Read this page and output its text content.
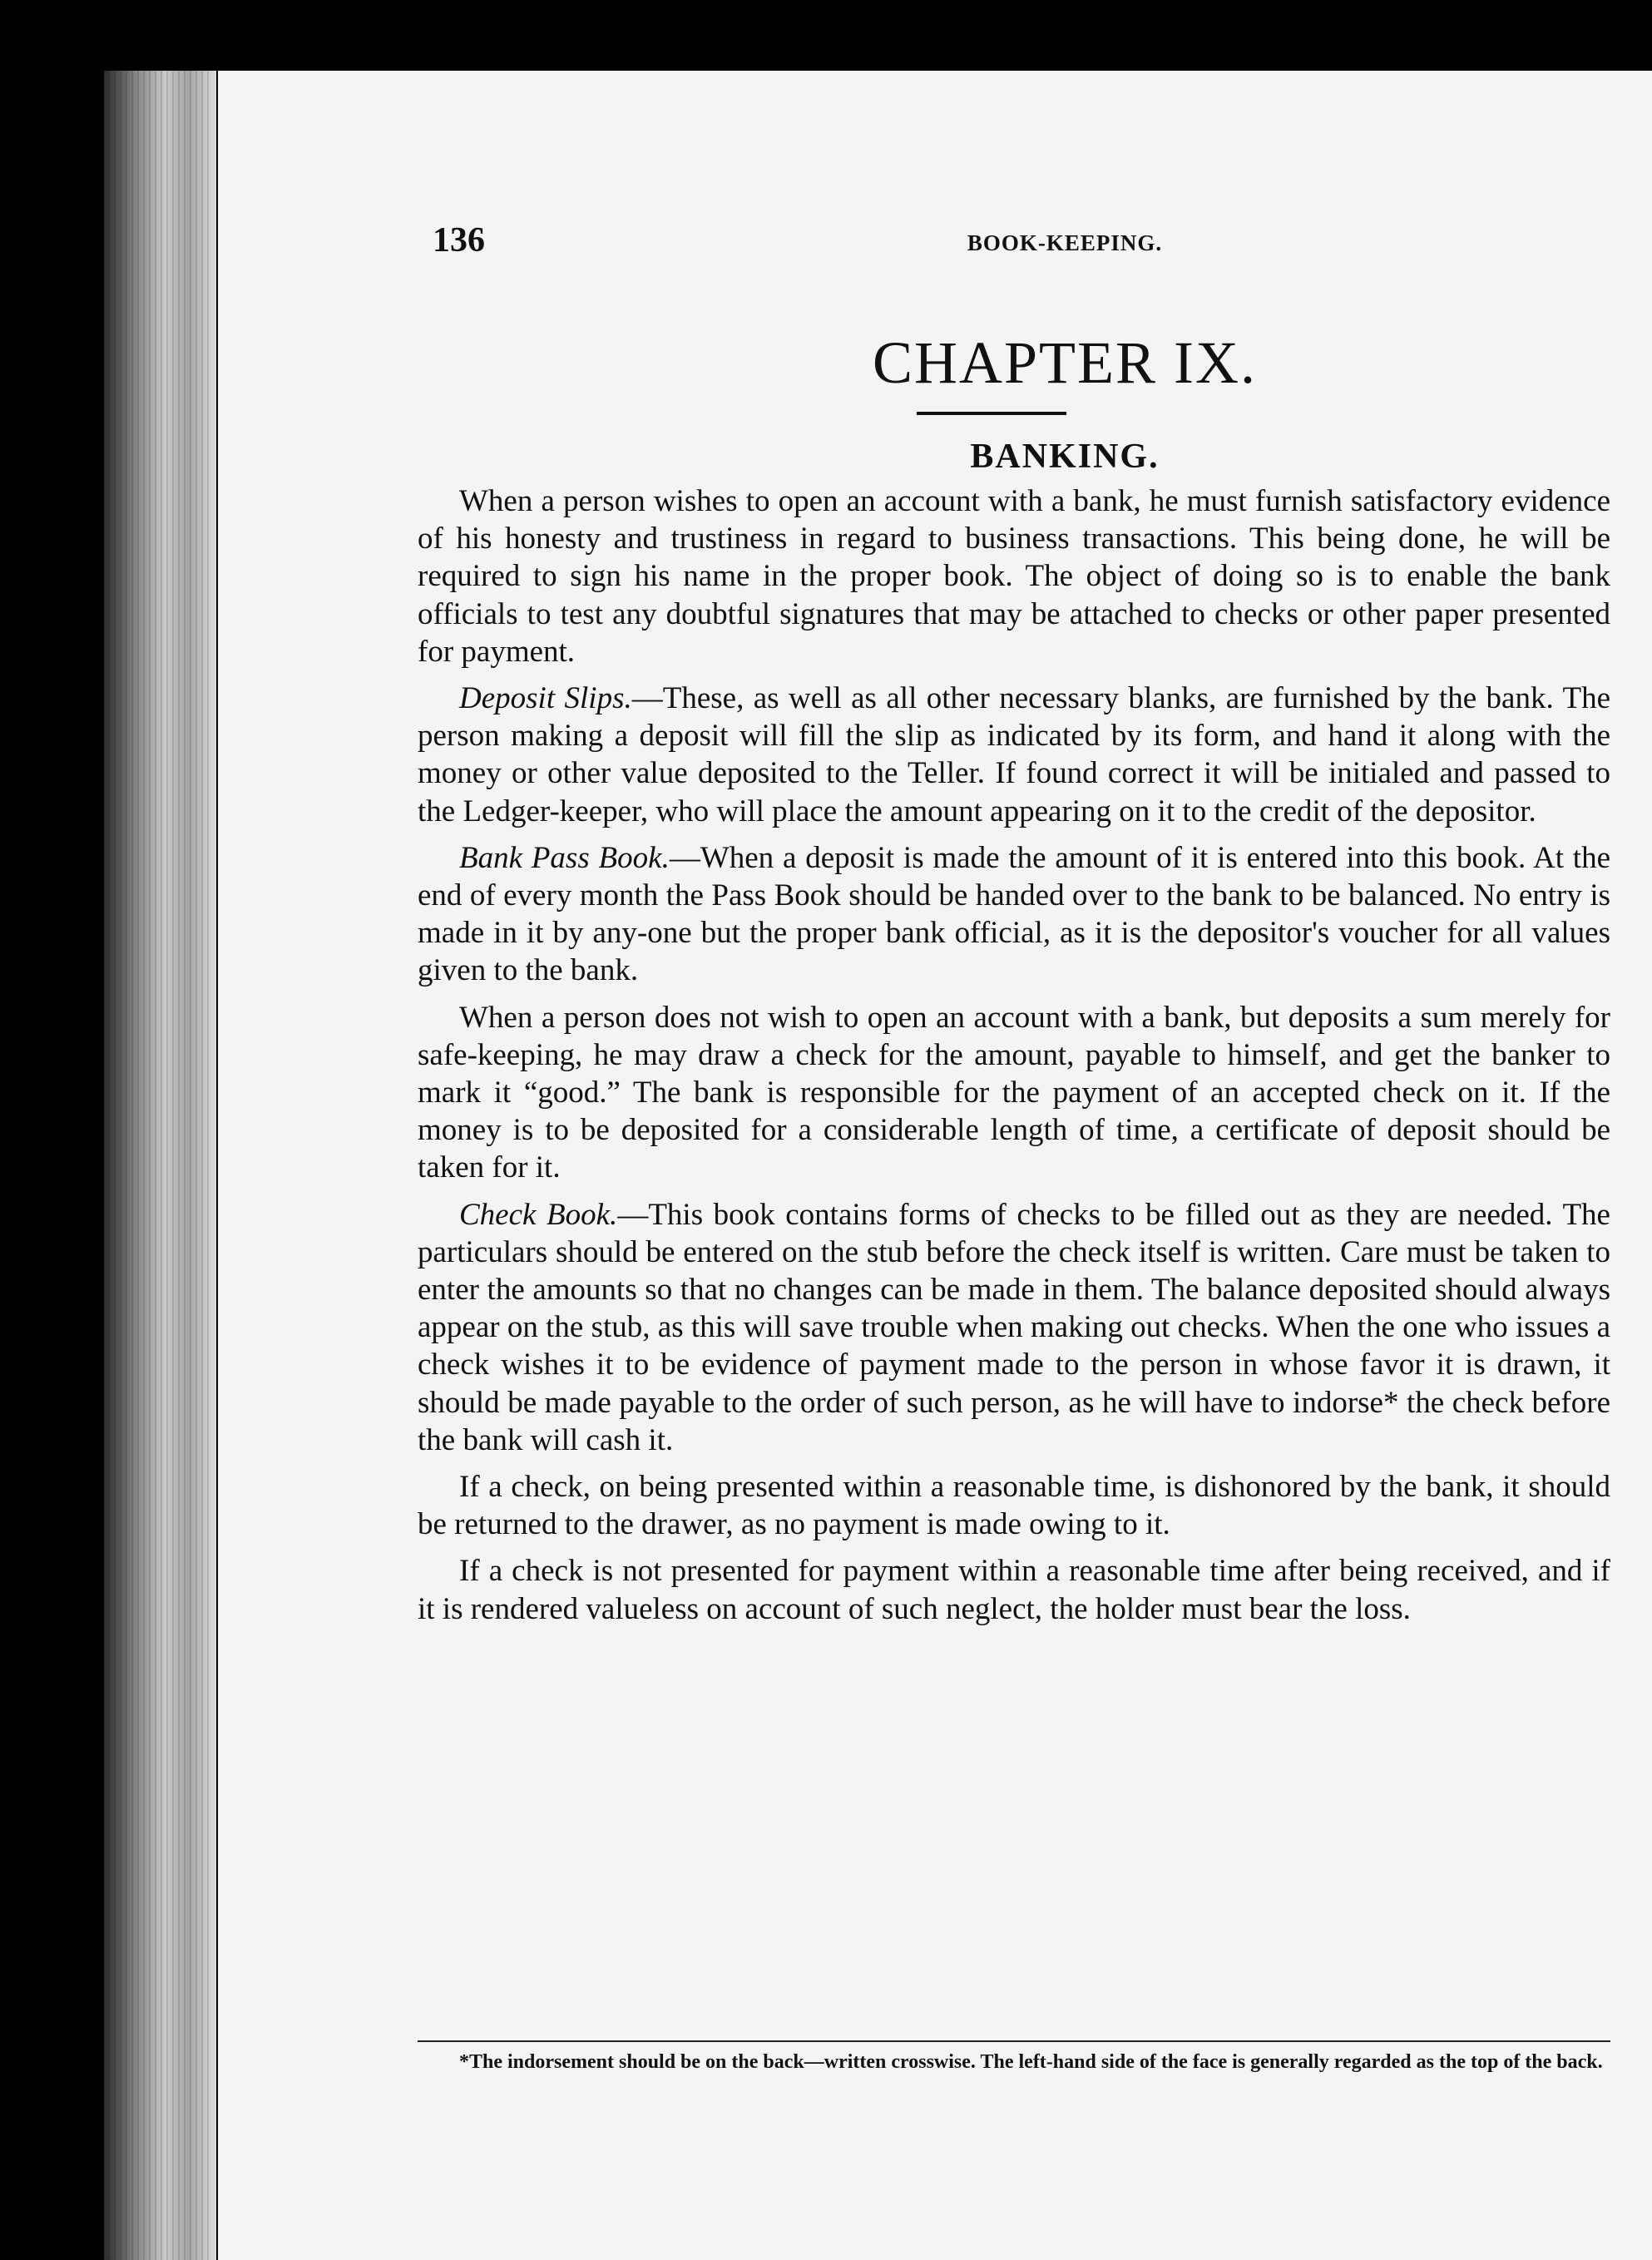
136	BOOK-KEEPING.
CHAPTER IX.
BANKING.

When a person wishes to open an account with a bank, he must furnish satisfactory evidence of his honesty and trustiness in regard to business transactions. This being done, he will be required to sign his name in the proper book. The object of doing so is to enable the bank officials to test any doubtful signatures that may be attached to checks or other paper presented for payment.

Deposit Slips.—These, as well as all other necessary blanks, are furnished by the bank. The person making a deposit will fill the slip as indicated by its form, and hand it along with the money or other value deposited to the Teller. If found correct it will be initialed and passed to the Ledger-keeper, who will place the amount appearing on it to the credit of the depositor.

Bank Pass Book.—When a deposit is made the amount of it is entered into this book. At the end of every month the Pass Book should be handed over to the bank to be balanced. No entry is made in it by any-one but the proper bank official, as it is the depositor's voucher for all values given to the bank.

When a person does not wish to open an account with a bank, but deposits a sum merely for safe-keeping, he may draw a check for the amount, payable to himself, and get the banker to mark it “good.” The bank is responsible for the payment of an accepted check on it. If the money is to be deposited for a considerable length of time, a certificate of deposit should be taken for it.

Check Book.—This book contains forms of checks to be filled out as they are needed. The particulars should be entered on the stub before the check itself is written. Care must be taken to enter the amounts so that no changes can be made in them. The balance deposited should always appear on the stub, as this will save trouble when making out checks. When the one who issues a check wishes it to be evidence of payment made to the person in whose favor it is drawn, it should be made payable to the order of such person, as he will have to indorse* the check before the bank will cash it.

If a check, on being presented within a reasonable time, is dishonored by the bank, it should be returned to the drawer, as no payment is made owing to it.

If a check is not presented for payment within a reasonable time after being received, and if it is rendered valueless on account of such neglect, the holder must bear the loss.

*The indorsement should be on the back—written crosswise. The left-hand side of the face is generally regarded as the top of the back.
